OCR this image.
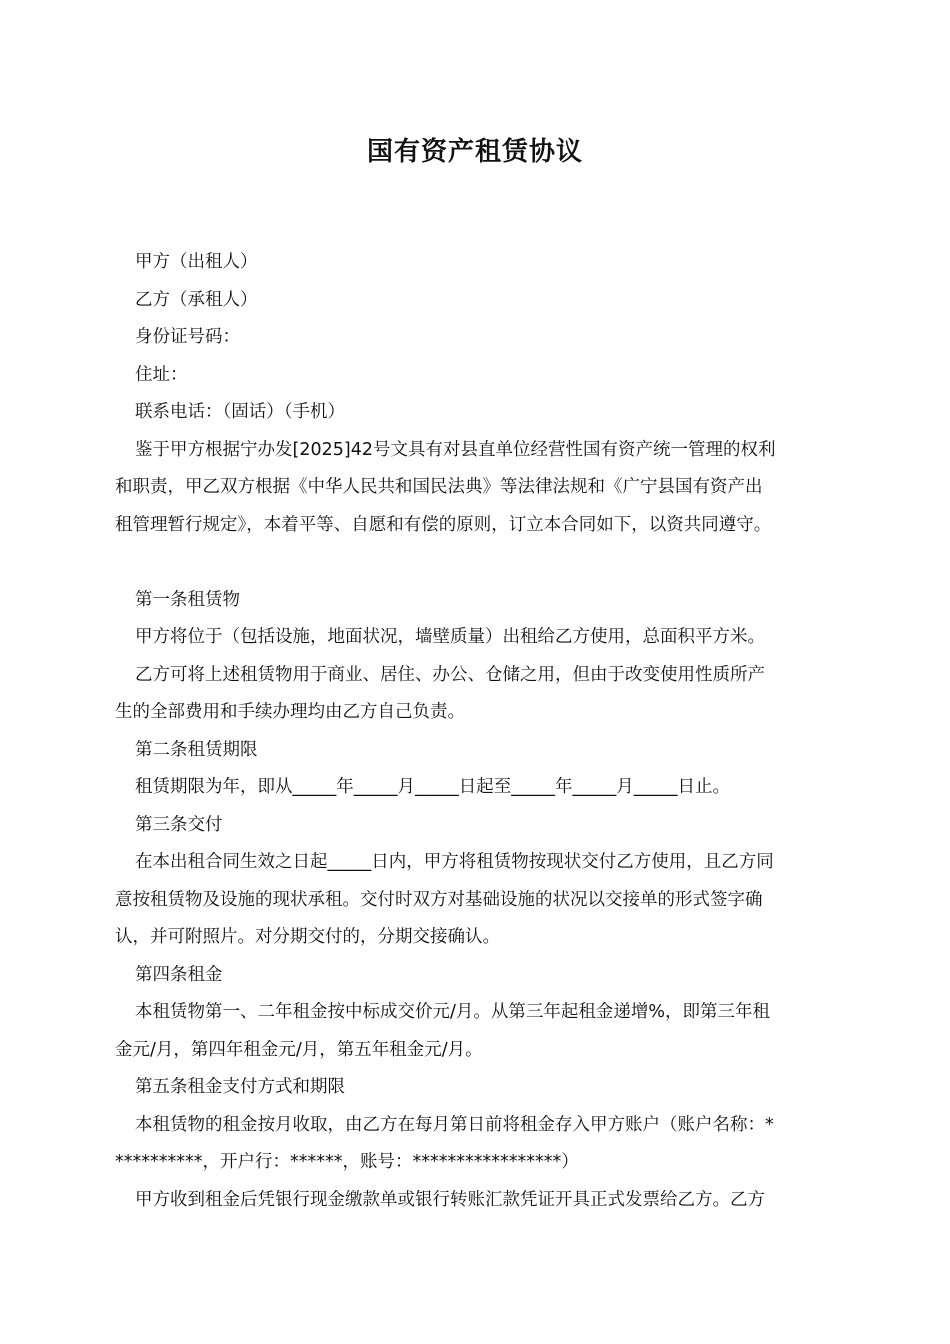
国有资产租赁协议
甲方（出租人）
乙方（承租人）
身份证号码：
住址：
联系电话：（固话）（手机）
鉴于甲方根据宁办发[2025]42号文具有对县直单位经营性国有资产统一管理的权利
和职责，甲乙双方根据《中华人民共和国民法典》等法律法规和《广宁县国有资产出
租管理暂行规定》，本着平等、自愿和有偿的原则，订立本合同如下，以资共同遵守。
第一条租赁物
甲方将位于（包括设施，地面状况，墙壁质量）出租给乙方使用，总面积平方米。
乙方可将上述租赁物用于商业、居住、办公、仓储之用，但由于改变使用性质所产
生的全部费用和手续办理均由乙方自己负责。
第二条租赁期限
租赁期限为年，即从_____年_____月_____日起至_____年_____月_____日止。
第三条交付
在本出租合同生效之日起_____日内，甲方将租赁物按现状交付乙方使用，且乙方同
意按租赁物及设施的现状承租。交付时双方对基础设施的状况以交接单的形式签字确
认，并可附照片。对分期交付的，分期交接确认。
第四条租金
本租赁物第一、二年租金按中标成交价元/月。从第三年起租金递增%，即第三年租
金元/月，第四年租金元/月，第五年租金元/月。
第五条租金支付方式和期限
本租赁物的租金按月收取，由乙方在每月第日前将租金存入甲方账户（账户名称：*
**********，开户行：******，账号：*****************）
甲方收到租金后凭银行现金缴款单或银行转账汇款凭证开具正式发票给乙方。乙方
